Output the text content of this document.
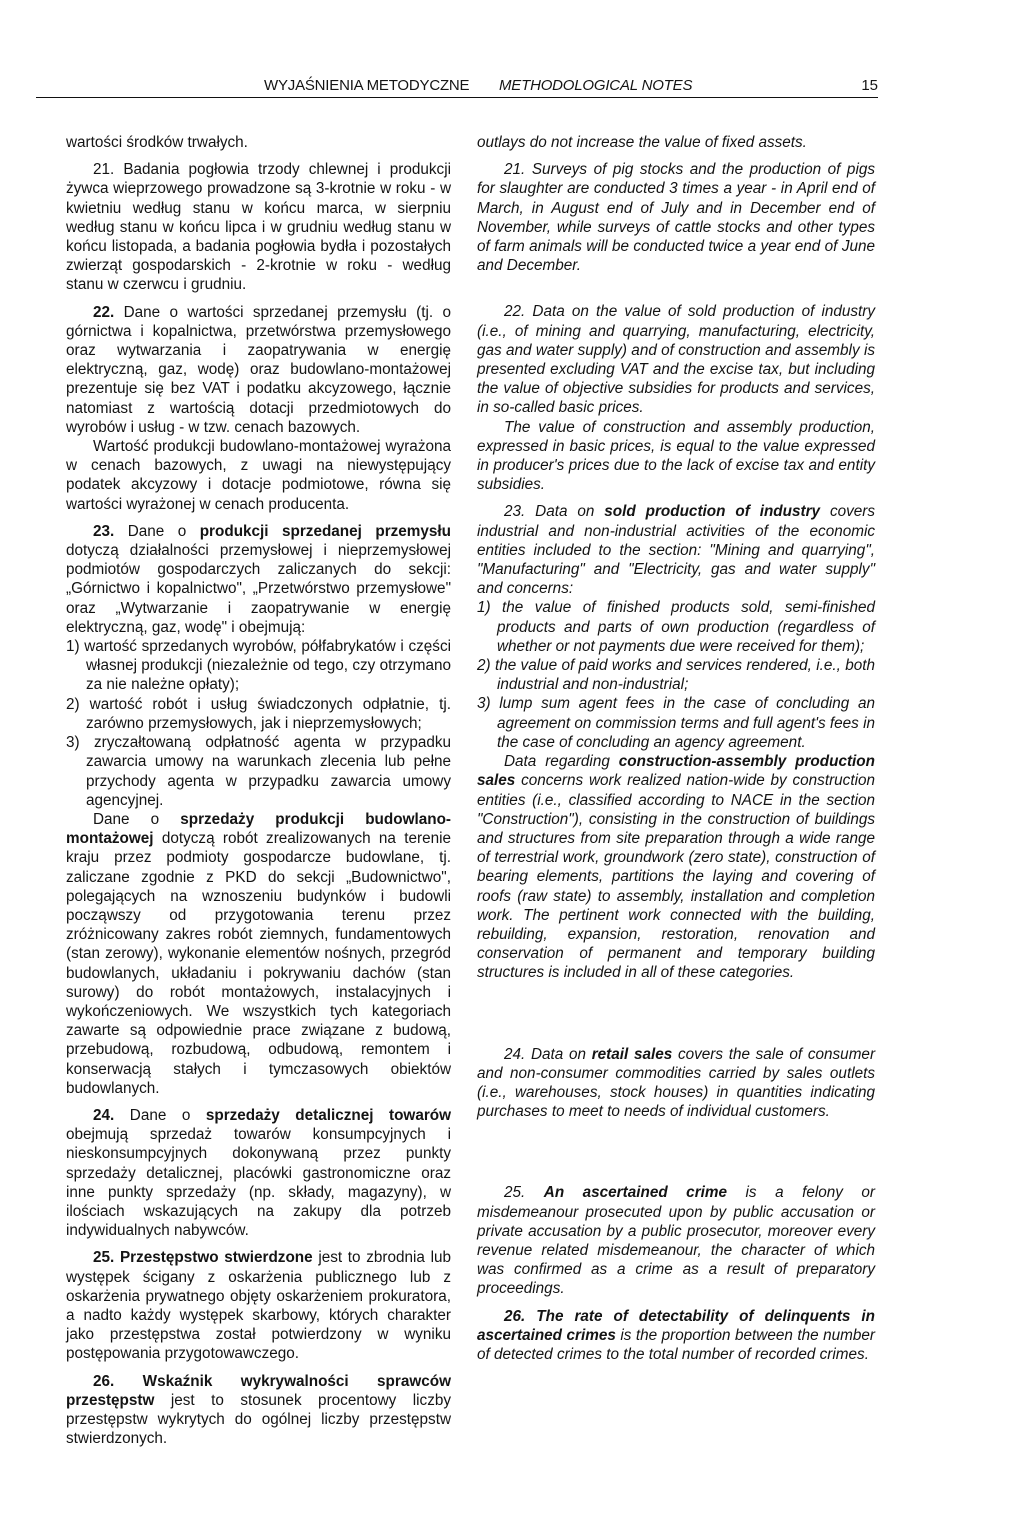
WYJAŚNIENIA METODYCZNE METHODOLOGICAL NOTES	15

wartości środków trwałych.

21. Badania pogłowia trzody chlewnej i produkcji żywca wieprzowego prowadzone są 3-krotnie w roku - w kwietniu według stanu w końcu marca, w sierpniu według stanu w końcu lipca i w grudniu według stanu w końcu listopada, a badania pogłowia bydła i pozostałych zwierząt gospodarskich - 2-krotnie w roku - według stanu w czerwcu i grudniu.

22. Dane o wartości sprzedanej przemysłu (tj. o górnictwa i kopalnictwa, przetwórstwa przemysłowego oraz wytwarzania i zaopatrywania w energię elektryczną, gaz, wodę) oraz budowlano-montażowej prezentuje się bez VAT i podatku akcyzowego, łącznie natomiast z wartością dotacji przedmiotowych do wyrobów i usług - w tzw. cenach bazowych.

Wartość produkcji budowlano-montażowej wyrażona w cenach bazowych, z uwagi na niewystępujący podatek akcyzowy i dotacje podmiotowe, równa się wartości wyrażonej w cenach producenta.

23. Dane o produkcji sprzedanej przemysłu dotyczą działalności przemysłowej i nieprzemysłowej podmiotów gospodarczych zaliczanych do sekcji: „Górnictwo i kopalnictwo", „Przetwórstwo przemysłowe" oraz „Wytwarzanie i zaopatrywanie w energię elektryczną, gaz, wodę" i obejmują:

1) wartość sprzedanych wyrobów, półfabrykatów i części własnej produkcji (niezależnie od tego, czy otrzymano za nie należne opłaty);

2) wartość robót i usług świadczonych odpłatnie, tj. zarówno przemysłowych, jak i nieprzemysłowych;

3) zryczałtowaną odpłatność agenta w przypadku zawarcia umowy na warunkach zlecenia lub pełne przychody agenta w przypadku zawarcia umowy agencyjnej.

Dane o sprzedaży produkcji budowlano-montażowej dotyczą robót zrealizowanych na terenie kraju przez podmioty gospodarcze budowlane, tj. zaliczane zgodnie z PKD do sekcji „Budownictwo", polegających na wznoszeniu budynków i budowli począwszy od przygotowania terenu przez zróżnicowany zakres robót ziemnych, fundamentowych (stan zerowy), wykonanie elementów nośnych, przegród budowlanych, układaniu i pokrywaniu dachów (stan surowy) do robót montażowych, instalacyjnych i wykończeniowych. We wszystkich tych kategoriach zawarte są odpowiednie prace związane z budową, przebudową, rozbudową, odbudową, remontem i konserwacją stałych i tymczasowych obiektów budowlanych.

24. Dane o sprzedaży detalicznej towarów obejmują sprzedaż towarów konsumpcyjnych i nieskonsumpcyjnych dokonywaną przez punkty sprzedaży detalicznej, placówki gastronomiczne oraz inne punkty sprzedaży (np. składy, magazyny), w ilościach wskazujących na zakupy dla potrzeb indywidualnych nabywców.

25. Przestępstwo stwierdzone jest to zbrodnia lub występek ścigany z oskarżenia publicznego lub z oskarżenia prywatnego objęty oskarżeniem prokuratora, a nadto każdy występek skarbowy, których charakter jako przestępstwa został potwierdzony w wyniku postępowania przygotowawczego.

26. Wskaźnik wykrywalności sprawców przestępstw jest to stosunek procentowy liczby przestępstw wykrytych do ogólnej liczby przestępstw stwierdzonych.

outlays do not increase the value of fixed assets.

21. Surveys of pig stocks and the production of pigs for slaughter are conducted 3 times a year - in April end of March, in August end of July and in December end of November, while surveys of cattle stocks and other types of farm animals will be conducted twice a year end of June and December.

22. Data on the value of sold production of industry (i.e., of mining and quarrying, manufacturing, electricity, gas and water supply) and of construction and assembly is presented excluding VAT and the excise tax, but including the value of objective subsidies for products and services, in so-called basic prices.

The value of construction and assembly production, expressed in basic prices, is equal to the value expressed in producer's prices due to the lack of excise tax and entity subsidies.

23. Data on sold production of industry covers industrial and non-industrial activities of the economic entities included to the section: "Mining and quarrying", "Manufacturing" and "Electricity, gas and water supply" and concerns:

1) the value of finished products sold, semi-finished products and parts of own production (regardless of whether or not payments due were received for them);

2) the value of paid works and services rendered, i.e., both industrial and non-industrial;

3) lump sum agent fees in the case of concluding an agreement on commission terms and full agent's fees in the case of concluding an agency agreement.

Data regarding construction-assembly production sales concerns work realized nation-wide by construction entities (i.e., classified according to NACE in the section "Construction"), consisting in the construction of buildings and structures from site preparation through a wide range of terrestrial work, groundwork (zero state), construction of bearing elements, partitions the laying and covering of roofs (raw state) to assembly, installation and completion work. The pertinent work connected with the building, rebuilding, expansion, restoration, renovation and conservation of permanent and temporary building structures is included in all of these categories.

24. Data on retail sales covers the sale of consumer and non-consumer commodities carried by sales outlets (i.e., warehouses, stock houses) in quantities indicating purchases to meet to needs of individual customers.

25. An ascertained crime is a felony or misdemeanour prosecuted upon by public accusation or private accusation by a public prosecutor, moreover every revenue related misdemeanour, the character of which was confirmed as a crime as a result of preparatory proceedings.

26. The rate of detectability of delinquents in ascertained crimes is the proportion between the number of detected crimes to the total number of recorded crimes.
